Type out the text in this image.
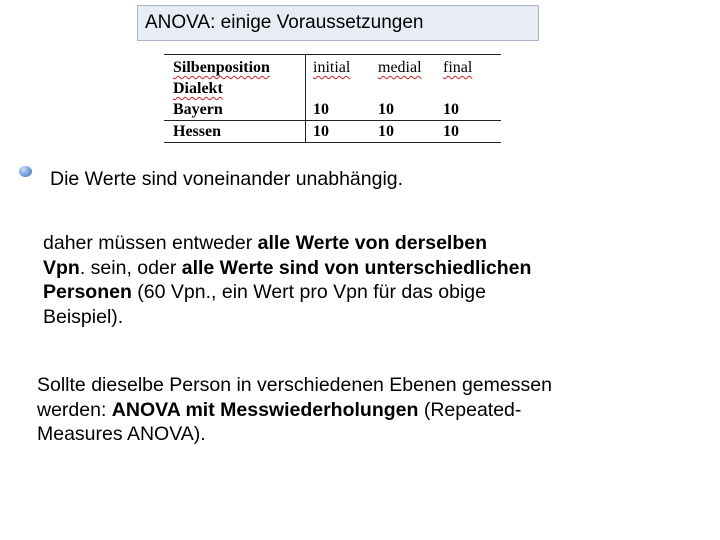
ANOVA: einige Voraussetzungen
Silbenposition	initial	medial	final
Dialekt			
Bayern	10	10	10
Hessen	10	10	10
Die Werte sind voneinander unabhängig.
daher müssen entweder alle Werte von derselben
Vpn. sein, oder alle Werte sind von unterschiedlichen
Personen (60 Vpn., ein Wert pro Vpn für das obige
Beispiel).
Sollte dieselbe Person in verschiedenen Ebenen gemessen
werden: ANOVA mit Messwiederholungen (Repeated-
Measures ANOVA).
